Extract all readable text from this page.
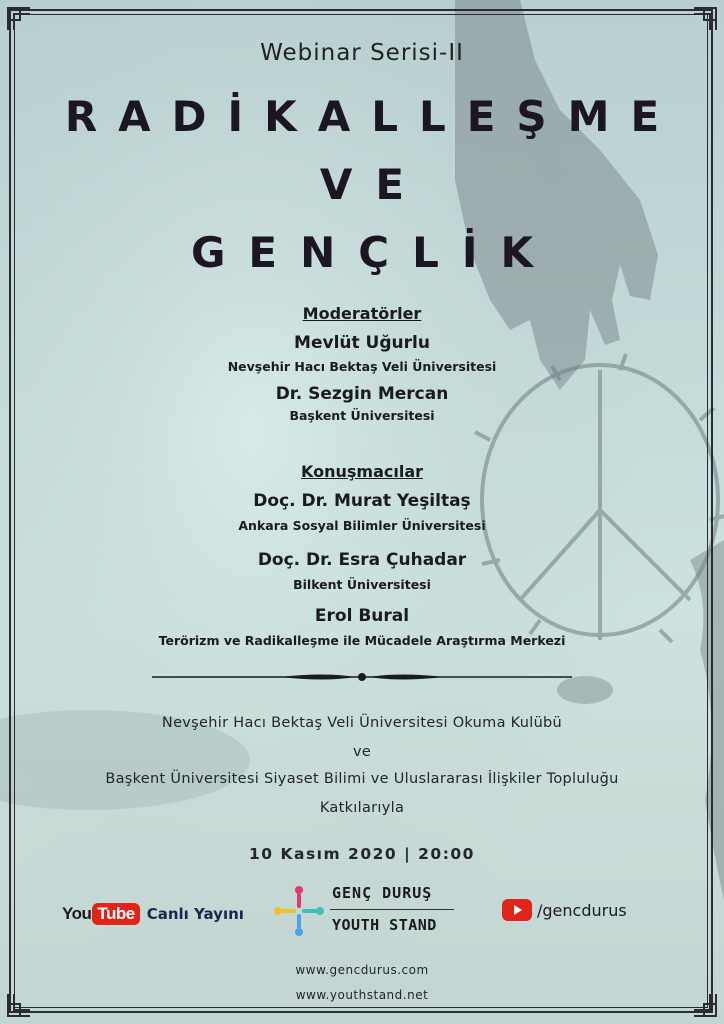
Webinar Serisi-II
RADİKALLEŞME
VE
GENÇLİK
Moderatörler
Mevlüt Uğurlu
Nevşehir Hacı Bektaş Veli Üniversitesi
Dr. Sezgin Mercan
Başkent Üniversitesi
Konuşmacılar
Doç. Dr. Murat Yeşiltaş
Ankara Sosyal Bilimler Üniversitesi
Doç. Dr. Esra Çuhadar
Bilkent Üniversitesi
Erol Bural
Terörizm ve Radikalleşme ile Mücadele Araştırma Merkezi
Nevşehir Hacı Bektaş Veli Üniversitesi Okuma Kulübü
ve
Başkent Üniversitesi Siyaset Bilimi ve Uluslararası İlişkiler Topluluğu
Katkılarıyla
10 Kasım 2020 | 20:00
You Tube Canlı Yayını
GENÇ DURUŞ
YOUTH STAND
/gencdurus
www.gencdurus.com
www.youthstand.net
